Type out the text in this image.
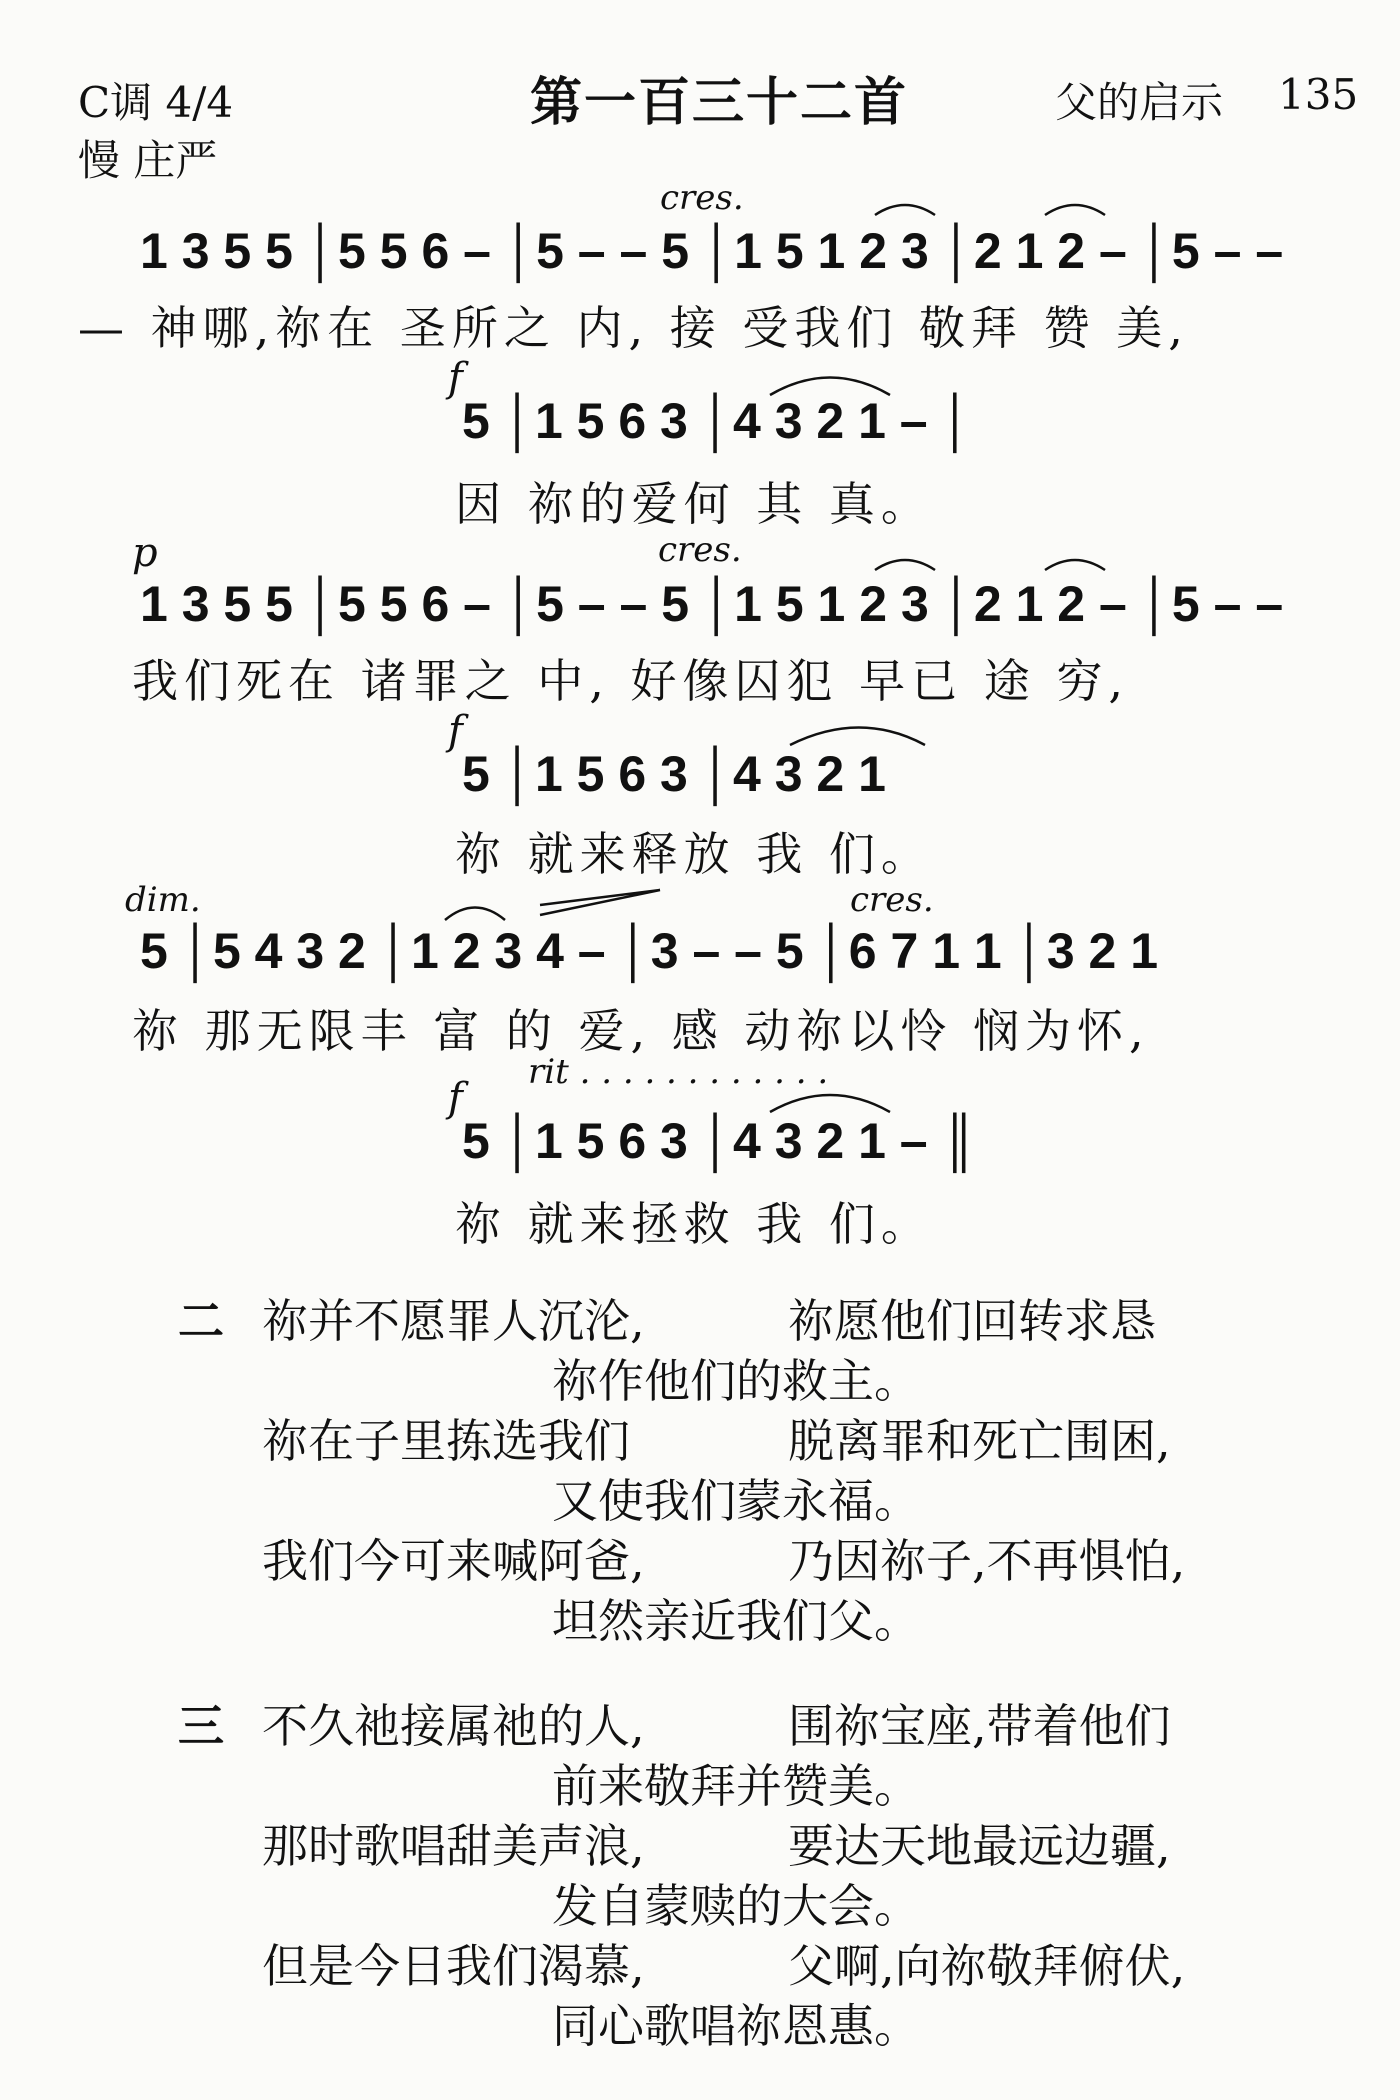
C调 4/4
慢 庄严
第一百三十二首	父的启示 135
cres.
1 3 5 5 │5 5 6 – │5 – – 5 │1 5 1 2 3 │2 1 2 – │5 – –
— 神哪,祢在 圣所之 内, 接 受我们 敬拜 赞 美,
f
5 │1 5 6 3 │4 3 2 1 – │
因 祢的爱何 其 真。
p	cres.
1 3 5 5 │5 5 6 – │5 – – 5 │1 5 1 2 3 │2 1 2 – │5 – –
我们死在 诸罪之 中, 好像囚犯 早已 途 穷,
f
5 │1 5 6 3 │4 3 2 1
祢 就来释放 我 们。
dim.	cres.
5 │5 4 3 2 │1 2 3 4 – │3 – – 5 │6 7 1 1 │3 2 1
祢 那无限丰 富 的 爱, 感 动祢以怜 悯为怀,
rit . . . . . . . . . . . .
f
5 │1 5 6 3 │4 3 2 1 – ║
祢 就来拯救 我 们。
二 祢并不愿罪人沉沦,	祢愿他们回转求恳
祢作他们的救主。
祢在子里拣选我们	脱离罪和死亡围困,
又使我们蒙永福。
我们今可来喊阿爸,	乃因祢子,不再惧怕,
坦然亲近我们父。
三 不久祂接属祂的人,	围祢宝座,带着他们
前来敬拜并赞美。
那时歌唱甜美声浪,	要达天地最远边疆,
发自蒙赎的大会。
但是今日我们渴慕,	父啊,向祢敬拜俯伏,
同心歌唱祢恩惠。
